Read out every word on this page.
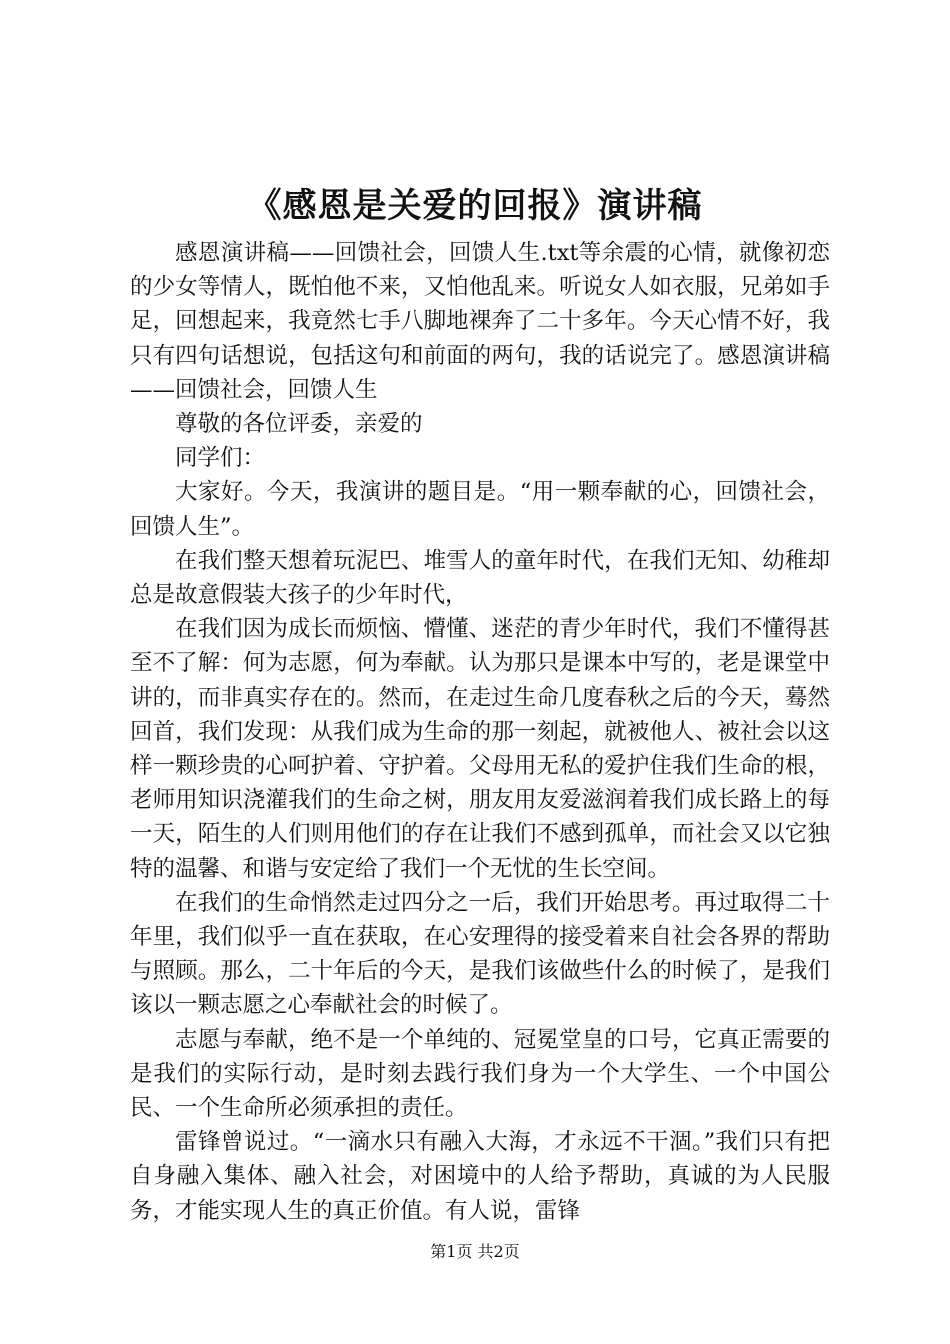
《感恩是关爱的回报》演讲稿

感恩演讲稿——回馈社会，回馈人生.txt等余震的心情，就像初恋的少女等情人，既怕他不来，又怕他乱来。听说女人如衣服，兄弟如手足，回想起来，我竟然七手八脚地裸奔了二十多年。今天心情不好，我只有四句话想说，包括这句和前面的两句，我的话说完了。感恩演讲稿——回馈社会，回馈人生

尊敬的各位评委，亲爱的

同学们：

大家好。今天，我演讲的题目是。“用一颗奉献的心，回馈社会，回馈人生”。

在我们整天想着玩泥巴、堆雪人的童年时代，在我们无知、幼稚却总是故意假装大孩子的少年时代，

在我们因为成长而烦恼、懵懂、迷茫的青少年时代，我们不懂得甚至不了解：何为志愿，何为奉献。认为那只是课本中写的，老是课堂中讲的，而非真实存在的。然而，在走过生命几度春秋之后的今天，蓦然回首，我们发现：从我们成为生命的那一刻起，就被他人、被社会以这样一颗珍贵的心呵护着、守护着。父母用无私的爱护住我们生命的根，老师用知识浇灌我们的生命之树，朋友用友爱滋润着我们成长路上的每一天，陌生的人们则用他们的存在让我们不感到孤单，而社会又以它独特的温馨、和谐与安定给了我们一个无忧的生长空间。

在我们的生命悄然走过四分之一后，我们开始思考。再过取得二十年里，我们似乎一直在获取，在心安理得的接受着来自社会各界的帮助与照顾。那么，二十年后的今天，是我们该做些什么的时候了，是我们该以一颗志愿之心奉献社会的时候了。

志愿与奉献，绝不是一个单纯的、冠冕堂皇的口号，它真正需要的是我们的实际行动，是时刻去践行我们身为一个大学生、一个中国公民、一个生命所必须承担的责任。

雷锋曾说过。“一滴水只有融入大海，才永远不干涸。”我们只有把自身融入集体、融入社会，对困境中的人给予帮助，真诚的为人民服务，才能实现人生的真正价值。有人说，雷锋

第1页 共2页
